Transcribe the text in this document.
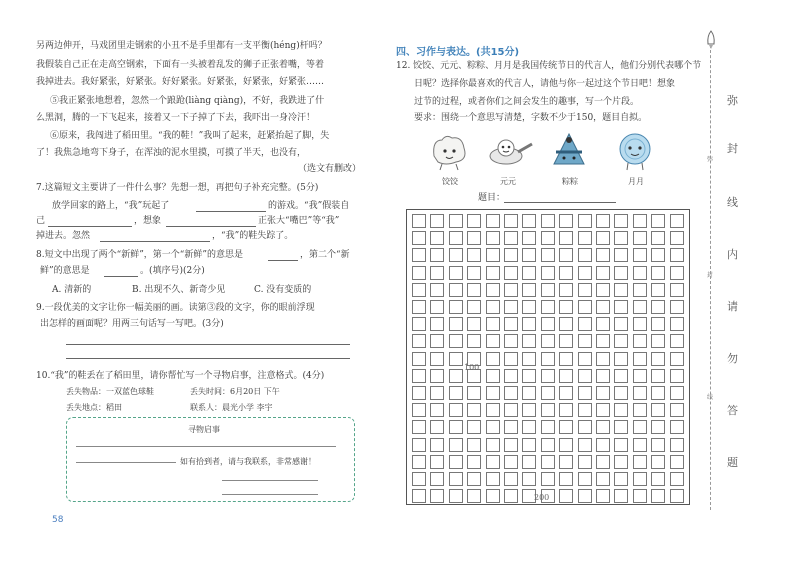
另两边伸开，马戏团里走钢索的小丑不是手里都有一支平衡(héng)杆吗？
我假装自己正在走高空钢索，下面有一头被着乱发的狮子正张着嘴，等着
我掉进去。我好紧张，好紧张。好好紧张。好紧张，好紧张，好紧张……
⑤我正紧张地想着，忽然一个踉跄(liàng qiàng)，不好，我跌进了什
么黑洞，腾的一下飞起来，接着又一下子掉了下去，我吓出一身冷汗！
⑥原来，我闯进了稻田里。“我的鞋！”我叫了起来，赶紧抬起了脚，失
了！我焦急地弯下身子，在浑浊的泥水里摸，可摸了半天，也没有，
（选文有删改）
7.这篇短文主要讲了一件什么事？先想一想，再把句子补充完整。(5分)
放学回家的路上，“我”玩起了	的游戏。“我”假装自
己	，想象	正张大“嘴巴”等“我”
掉进去。忽然	，“我”的鞋失踪了。
8.短文中出现了两个“新鲜”，第一个“新鲜”的意思是	，第二个“新
鲜”的意思是	。(填序号)(2分)
A. 清新的	B. 出现不久、新奇少见	C. 没有变质的
9.一段优美的文字让你一幅美丽的画。读第③段的文字，你的眼前浮现
出怎样的画面呢？用两三句话写一写吧。(3分)
10.“我”的鞋丢在了稻田里，请你帮忙写一个寻物启事，注意格式。(4分)
丢失物品：一双蓝色球鞋	丢失时间：6月20日 下午
丢失地点：稻田	联系人：晨光小学 李宇
寻物启事
如有拾到者，请与我联系，非常感谢！
58
四、习作与表达。(共15分)
12. 饺饺、元元、粽粽、月月是我国传统节日的代言人，他们分别代表哪个节
日呢？选择你最喜欢的代言人，请他与你一起过这个节日吧！想象
过节的过程，或者你们之间会发生的趣事，写一个片段。
要求：围绕一个意思写清楚，字数不少于150，题目自拟。
饺饺	元元	粽粽	月月
题目：
100
200
弥
封
线
内
请
勿
答
题
弥
封
线
